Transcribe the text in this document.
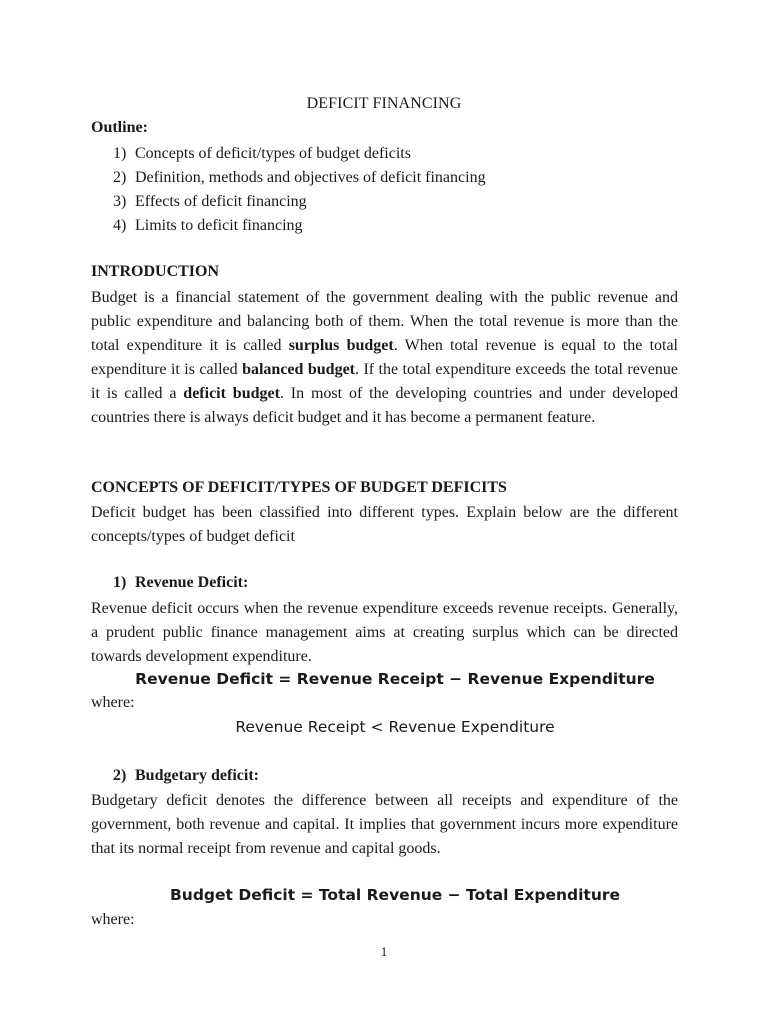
DEFICIT FINANCING
Outline:
1) Concepts of deficit/types of budget deficits
2) Definition, methods and objectives of deficit financing
3) Effects of deficit financing
4) Limits to deficit financing
INTRODUCTION

Budget is a financial statement of the government dealing with the public revenue and public expenditure and balancing both of them. When the total revenue is more than the total expenditure it is called surplus budget. When total revenue is equal to the total expenditure it is called balanced budget. If the total expenditure exceeds the total revenue it is called a deficit budget. In most of the developing countries and under developed countries there is always deficit budget and it has become a permanent feature.

CONCEPTS OF DEFICIT/TYPES OF BUDGET DEFICITS

Deficit budget has been classified into different types. Explain below are the different concepts/types of budget deficit

1) Revenue Deficit:

Revenue deficit occurs when the revenue expenditure exceeds revenue receipts. Generally, a prudent public finance management aims at creating surplus which can be directed towards development expenditure.

Revenue Deficit = Revenue Receipt − Revenue Expenditure
where:
Revenue Receipt < Revenue Expenditure
2) Budgetary deficit:

Budgetary deficit denotes the difference between all receipts and expenditure of the government, both revenue and capital. It implies that government incurs more expenditure that its normal receipt from revenue and capital goods.

Budget Deficit = Total Revenue − Total Expenditure
where:
1
